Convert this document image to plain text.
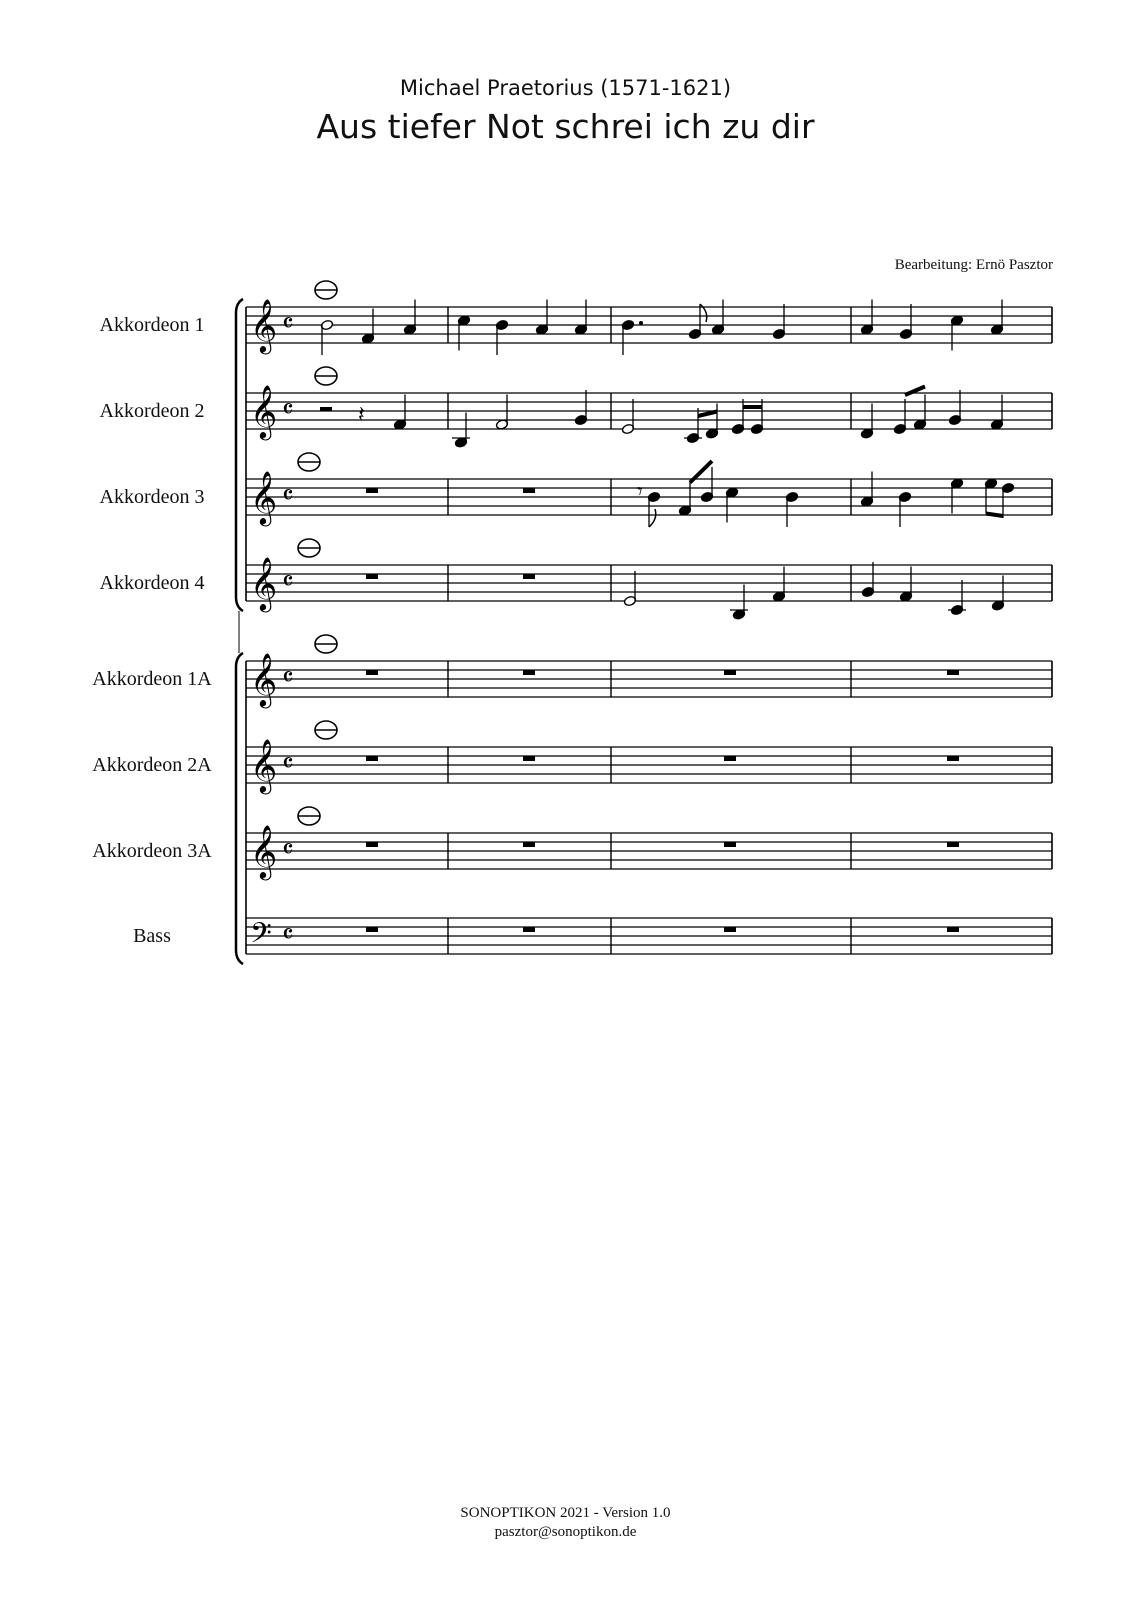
Michael Praetorius (1571-1621)
Aus tiefer Not schrei ich zu dir
Bearbeitung: Ernö Pasztor
Akkordeon 1 𝄞 𝄴
Akkordeon 2 𝄞 𝄴
Akkordeon 3 𝄞 𝄴
Akkordeon 4 𝄞 𝄴
Akkordeon 1A 𝄞 𝄴
Akkordeon 2A 𝄞 𝄴
Akkordeon 3A 𝄞 𝄴
Bass 𝄢 𝄴
𝄽
𝄾
SONOPTIKON 2021 - Version 1.0
pasztor@sonoptikon.de
